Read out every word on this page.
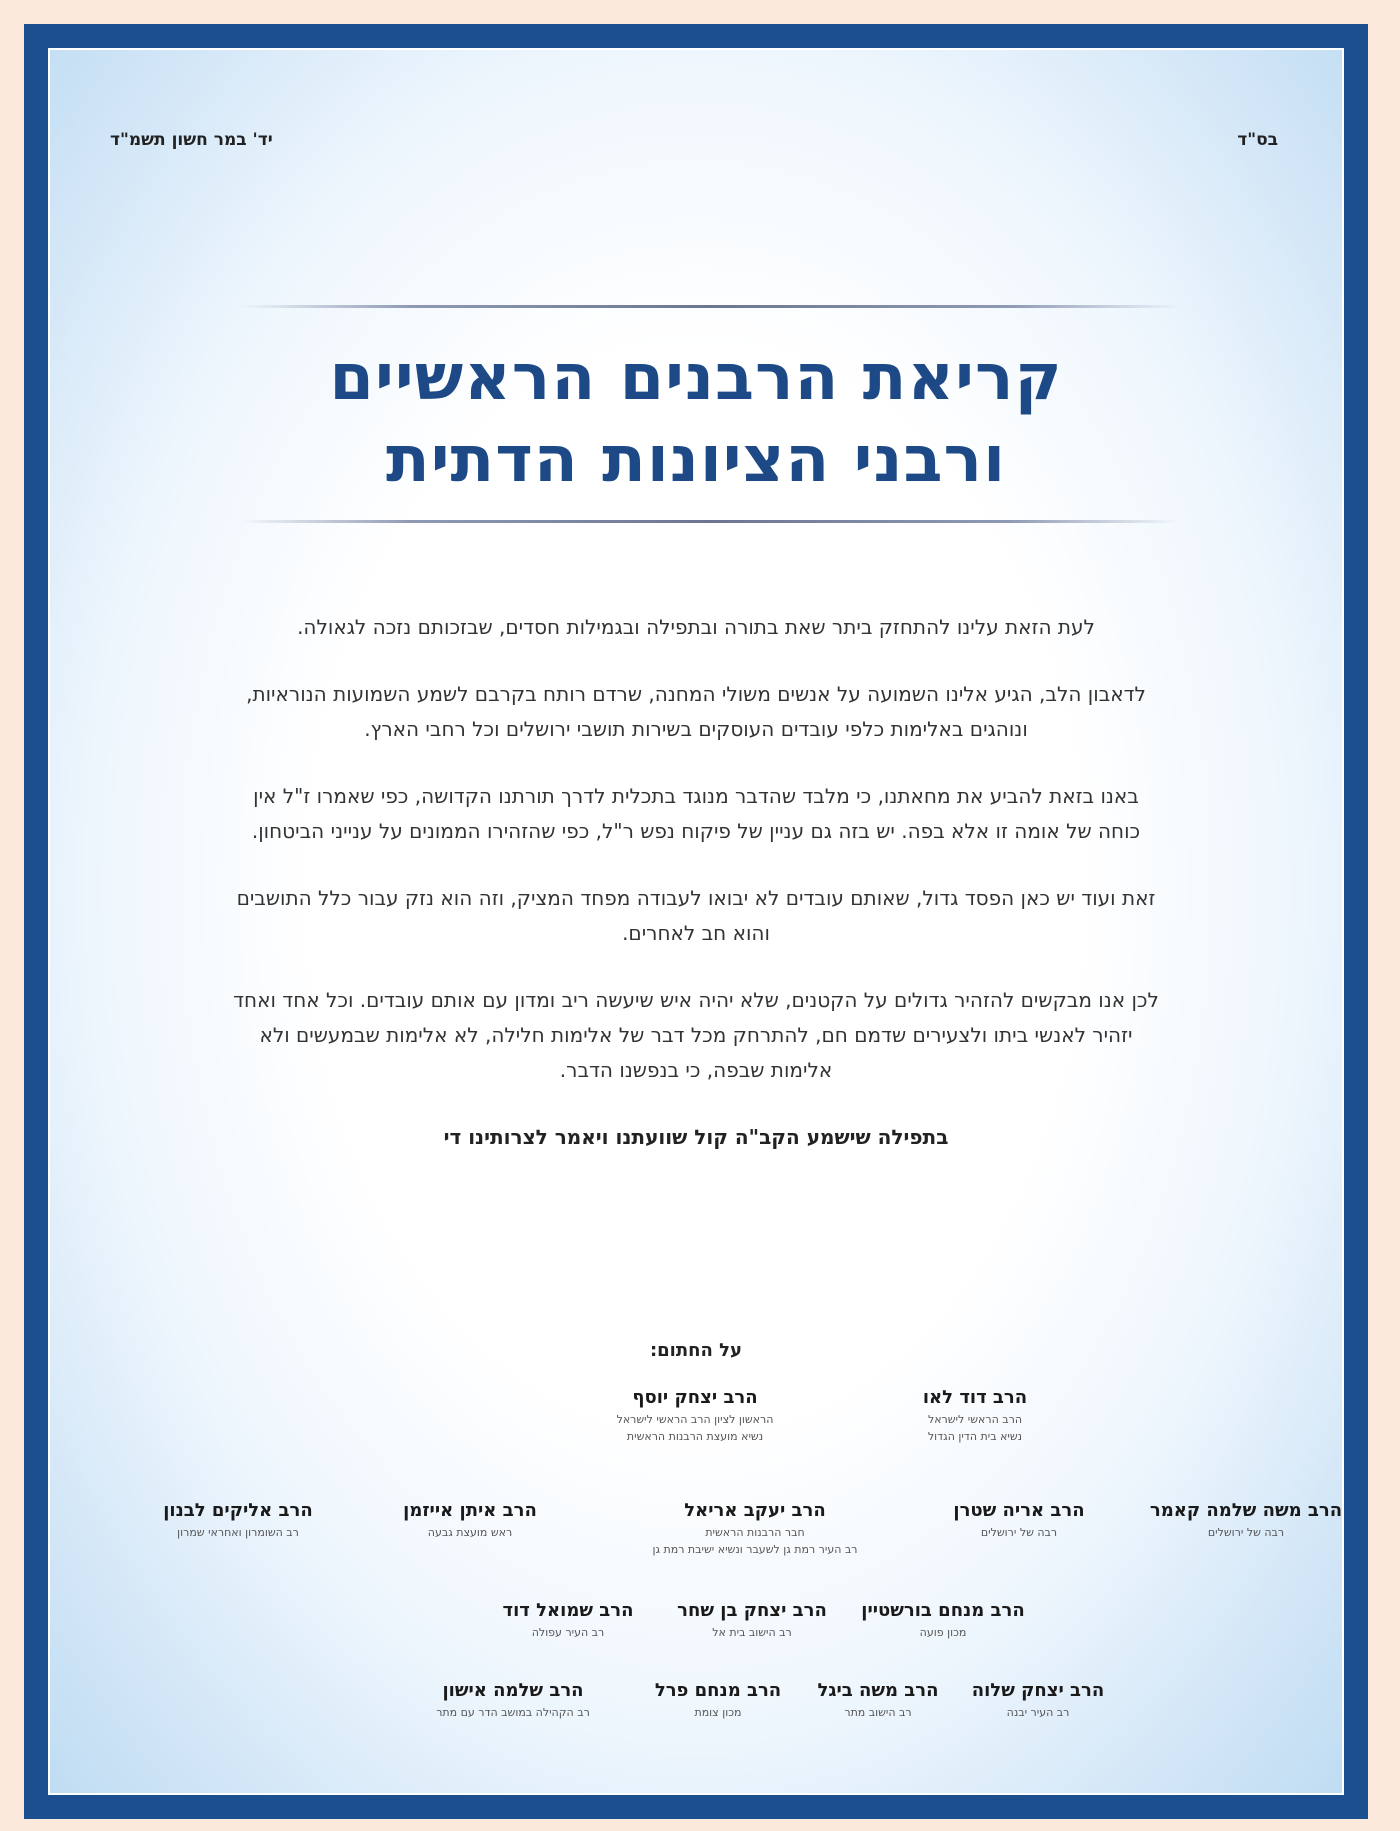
בס"ד
יד' במר חשון תשמ"ד
קריאת הרבנים הראשיים
ורבני הציונות הדתית

לעת הזאת עלינו להתחזק ביתר שאת בתורה ובתפילה ובגמילות חסדים, שבזכותם נזכה לגאולה.

לדאבון הלב, הגיע אלינו השמועה על אנשים משולי המחנה, שרדם רותח בקרבם לשמע השמועות הנוראיות, ונוהגים באלימות כלפי עובדים העוסקים בשירות תושבי ירושלים וכל רחבי הארץ.

באנו בזאת להביע את מחאתנו, כי מלבד שהדבר מנוגד בתכלית לדרך תורתנו הקדושה, כפי שאמרו ז"ל אין כוחה של אומה זו אלא בפה. יש בזה גם עניין של פיקוח נפש ר"ל, כפי שהזהירו הממונים על ענייני הביטחון.

זאת ועוד יש כאן הפסד גדול, שאותם עובדים לא יבואו לעבודה מפחד המציק, וזה הוא נזק עבור כלל התושבים והוא חב לאחרים.

לכן אנו מבקשים להזהיר גדולים על הקטנים, שלא יהיה איש שיעשה ריב ומדון עם אותם עובדים. וכל אחד ואחד יזהיר לאנשי ביתו ולצעירים שדמם חם, להתרחק מכל דבר של אלימות חלילה, לא אלימות שבמעשים ולא אלימות שבפה, כי בנפשנו הדבר.

בתפילה שישמע הקב"ה קול שוועתנו ויאמר לצרותינו די

על החתום:
הרב דוד לאו
הרב הראשי לישראל
נשיא בית הדין הגדול
הרב יצחק יוסף
הראשון לציון הרב הראשי לישראל
נשיא מועצת הרבנות הראשית
הרב משה שלמה קאמר
רבה של ירושלים
הרב אריה שטרן
רבה של ירושלים
הרב יעקב אריאל
חבר הרבנות הראשית
רב העיר רמת גן לשעבר ונשיא ישיבת רמת גן
הרב איתן אייזמן
ראש מועצת גבעה
הרב אליקים לבנון
רב השומרון ואחראי שמרון
הרב מנחם בורשטיין
מכון פועה
הרב יצחק בן שחר
רב הישוב בית אל
הרב שמואל דוד
רב העיר עפולה
הרב יצחק שלוה
רב העיר יבנה
הרב משה ביגל
רב הישוב מתר
הרב מנחם פרל
מכון צומת
הרב שלמה אישון
רב הקהילה במושב הדר עם מתר
